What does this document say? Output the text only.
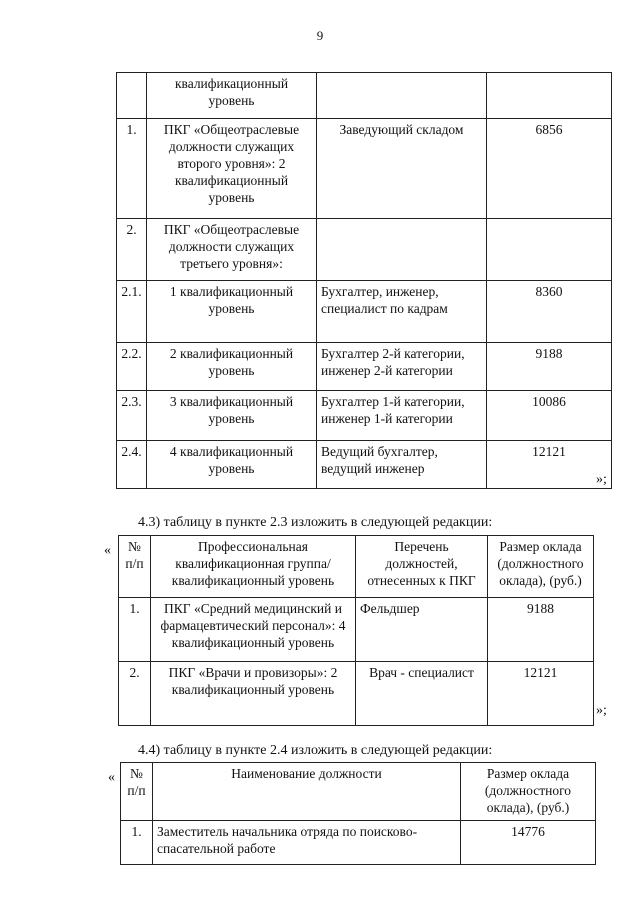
9
	квалификационный уровень		
1.	ПКГ «Общеотраслевые должности служащих второго уровня»: 2 квалификационный уровень	Заведующий складом	6856
2.	ПКГ «Общеотраслевые должности служащих третьего уровня»:		
2.1.	1 квалификационный уровень	Бухгалтер, инженер, специалист по кадрам	8360
2.2.	2 квалификационный уровень	Бухгалтер 2-й категории, инженер 2-й категории	9188
2.3.	3 квалификационный уровень	Бухгалтер 1-й категории, инженер 1-й категории	10086
2.4.	4 квалификационный уровень	Ведущий бухгалтер, ведущий инженер	12121
»;
4.3) таблицу в пункте 2.3 изложить в следующей редакции:
« № п/п	Профессиональная квалификационная группа/ квалификационный уровень	Перечень должностей, отнесенных к ПКГ	Размер оклада (должностного оклада), (руб.)
1.	ПКГ «Средний медицинский и фармацевтический персонал»: 4 квалификационный уровень	Фельдшер	9188
2.	ПКГ «Врачи и провизоры»: 2 квалификационный уровень	Врач - специалист	12121
»;
4.4) таблицу в пункте 2.4 изложить в следующей редакции:
« № п/п	Наименование должности	Размер оклада (должностного оклада), (руб.)
1.	Заместитель начальника отряда по поисково-спасательной работе	14776
